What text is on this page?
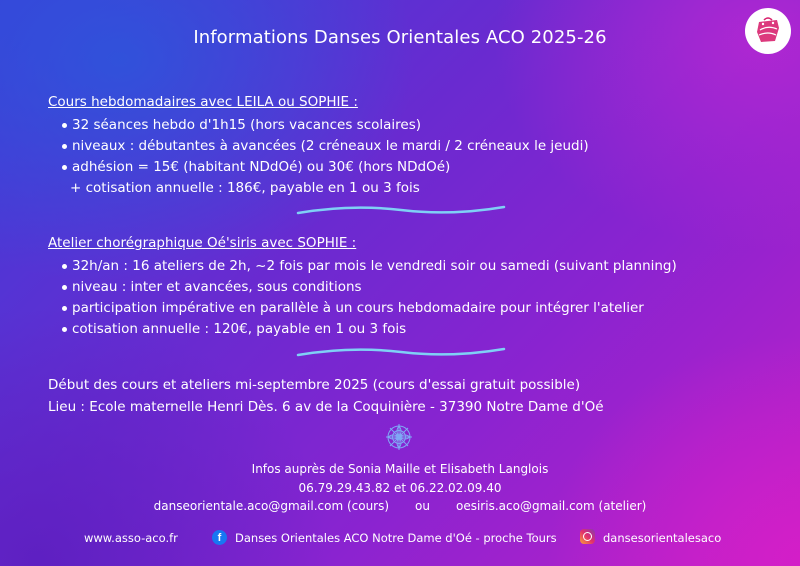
Informations Danses Orientales ACO 2025-26
Cours hebdomadaires avec LEILA ou SOPHIE :
32 séances hebdo d'1h15 (hors vacances scolaires)
niveaux : débutantes à avancées (2 créneaux le mardi / 2 créneaux le jeudi)
adhésion = 15€ (habitant NDdOé) ou 30€ (hors NDdOé)
+ cotisation annuelle : 186€, payable en 1 ou 3 fois
Atelier chorégraphique Oé'siris avec SOPHIE :
32h/an : 16 ateliers de 2h, ~2 fois par mois le vendredi soir ou samedi (suivant planning)
niveau : inter et avancées, sous conditions
participation impérative en parallèle à un cours hebdomadaire pour intégrer l'atelier
cotisation annuelle : 120€, payable en 1 ou 3 fois
Début des cours et ateliers mi-septembre 2025 (cours d'essai gratuit possible)
Lieu : Ecole maternelle Henri Dès. 6 av de la Coquinière - 37390 Notre Dame d'Oé
Infos auprès de Sonia Maille et Elisabeth Langlois
06.79.29.43.82 et 06.22.02.09.40
danseorientale.aco@gmail.com (cours) ou oesiris.aco@gmail.com (atelier)
www.asso-aco.fr	f	Danses Orientales ACO Notre Dame d'Oé - proche Tours	dansesorientalesaco
